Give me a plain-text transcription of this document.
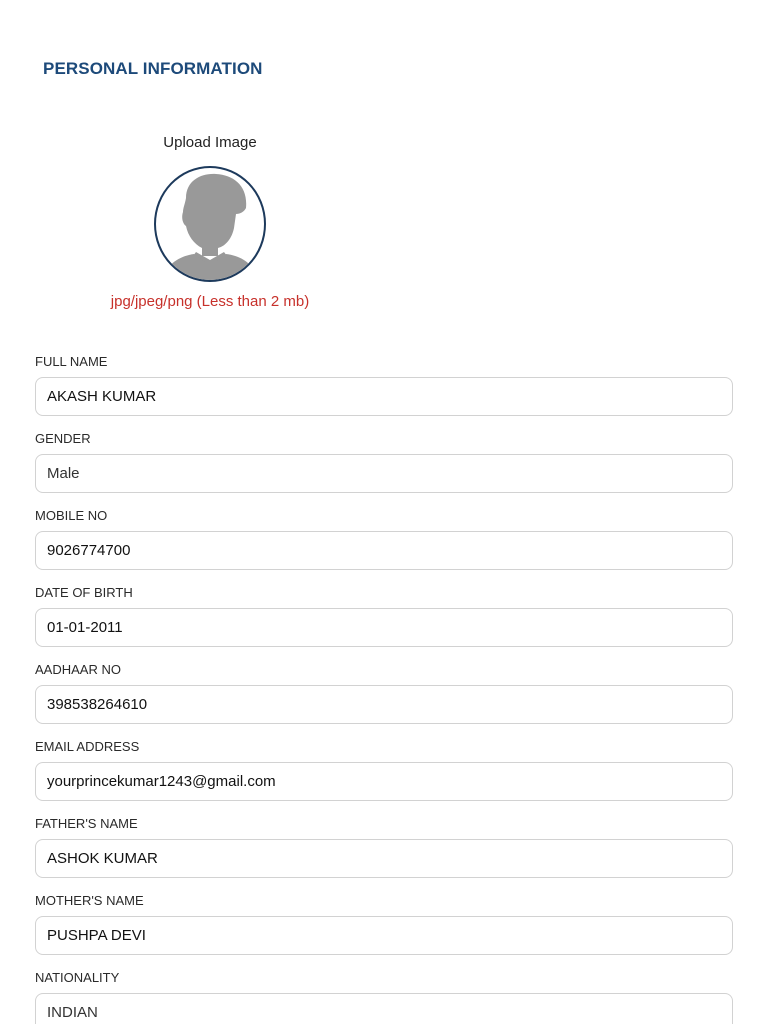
PERSONAL INFORMATION
Upload Image
jpg/jpeg/png (Less than 2 mb)
FULL NAME
AKASH KUMAR
GENDER
Male
MOBILE NO
9026774700
DATE OF BIRTH
01-01-2011
AADHAAR NO
398538264610
EMAIL ADDRESS
yourprincekumar1243@gmail.com
FATHER'S NAME
ASHOK KUMAR
MOTHER'S NAME
PUSHPA DEVI
NATIONALITY
INDIAN
